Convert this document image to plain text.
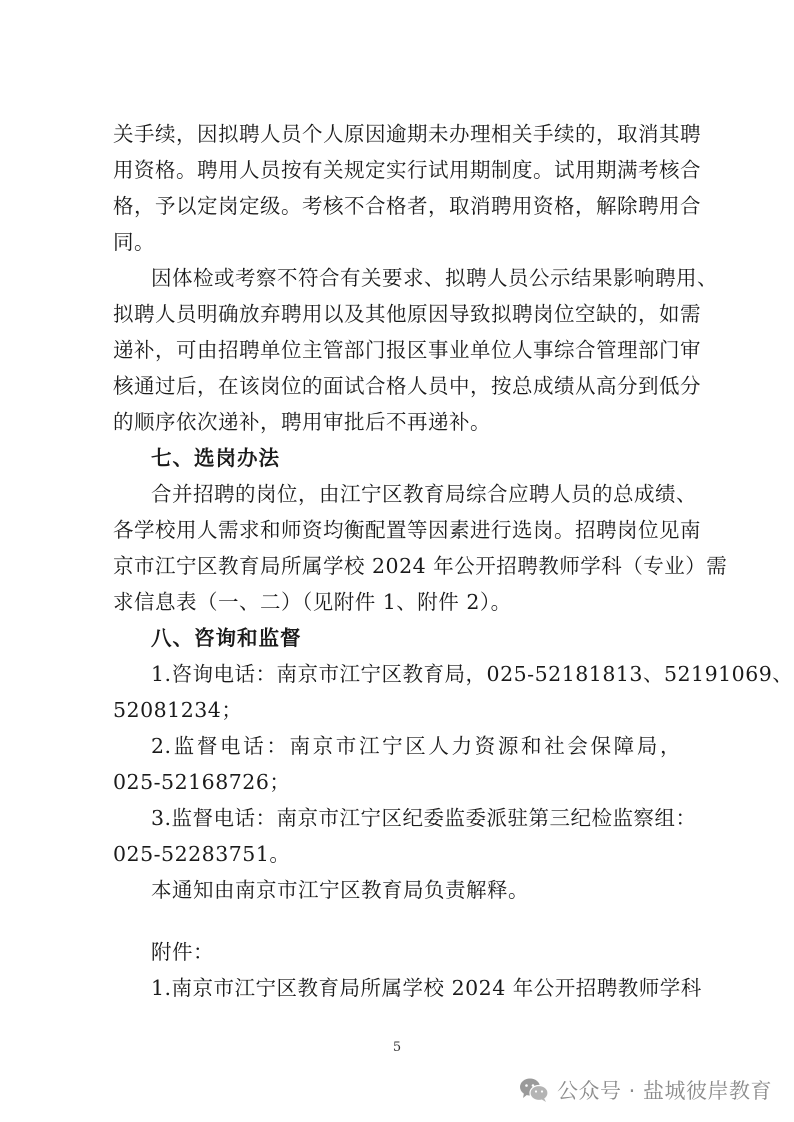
关手续，因拟聘人员个人原因逾期未办理相关手续的，取消其聘
用资格。聘用人员按有关规定实行试用期制度。试用期满考核合
格，予以定岗定级。考核不合格者，取消聘用资格，解除聘用合
同。
因体检或考察不符合有关要求、拟聘人员公示结果影响聘用、
拟聘人员明确放弃聘用以及其他原因导致拟聘岗位空缺的，如需
递补，可由招聘单位主管部门报区事业单位人事综合管理部门审
核通过后，在该岗位的面试合格人员中，按总成绩从高分到低分
的顺序依次递补，聘用审批后不再递补。
七、选岗办法
合并招聘的岗位，由江宁区教育局综合应聘人员的总成绩、
各学校用人需求和师资均衡配置等因素进行选岗。招聘岗位见南
京市江宁区教育局所属学校 2024 年公开招聘教师学科（专业）需
求信息表（一、二）（见附件 1、附件 2）。
八、咨询和监督
1.咨询电话：南京市江宁区教育局，025-52181813、52191069、
52081234；
2.监督电话：南京市江宁区人力资源和社会保障局，
025-52168726；
3.监督电话：南京市江宁区纪委监委派驻第三纪检监察组：
025-52283751。
本通知由南京市江宁区教育局负责解释。
附件：
1.南京市江宁区教育局所属学校 2024 年公开招聘教师学科
5
公众号 · 盐城彼岸教育
